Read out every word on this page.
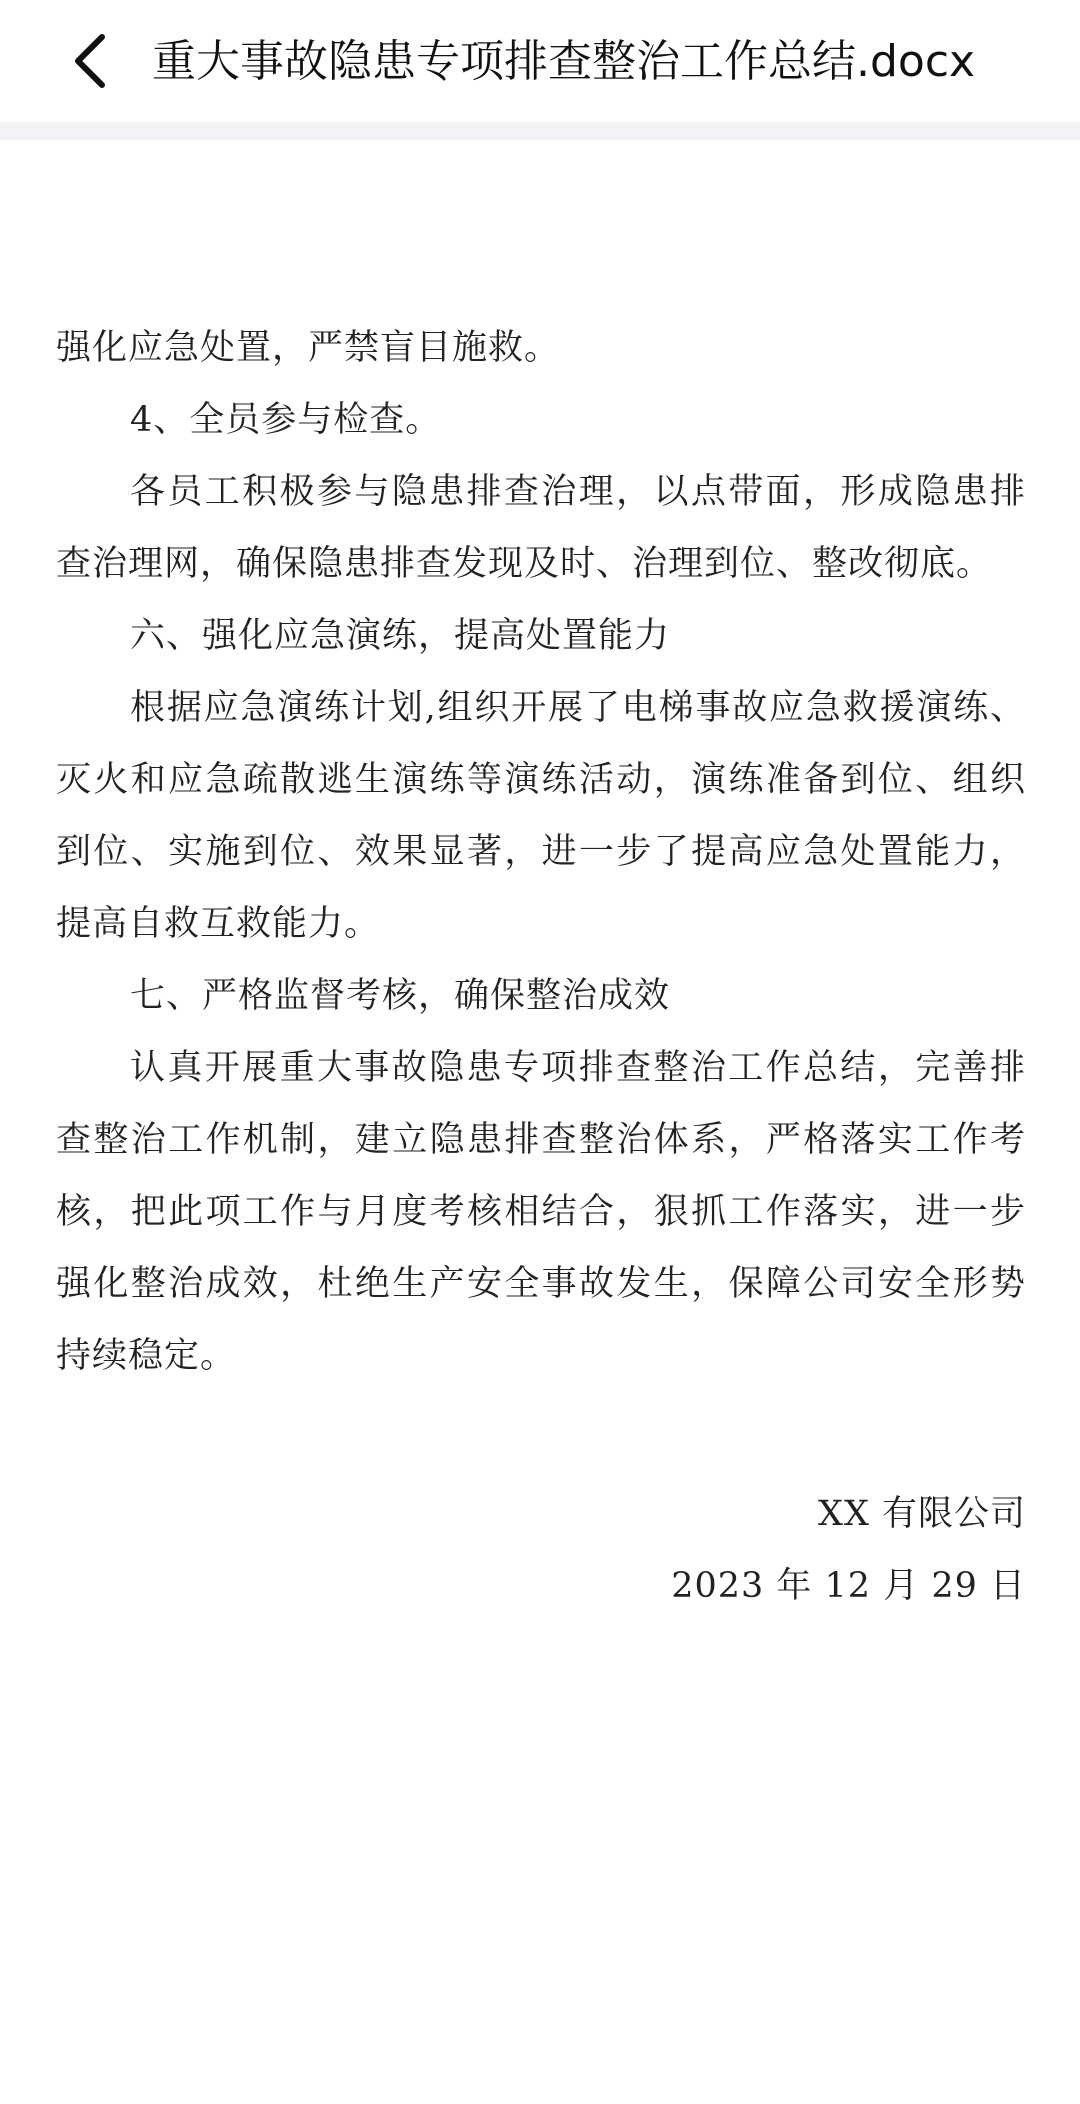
重大事故隐患专项排查整治工作总结.docx

强化应急处置，严禁盲目施救。

4、全员参与检查。

各员工积极参与隐患排查治理，以点带面，形成隐患排查治理网，确保隐患排查发现及时、治理到位、整改彻底。

六、强化应急演练，提高处置能力

根据应急演练计划,组织开展了电梯事故应急救援演练、灭火和应急疏散逃生演练等演练活动，演练准备到位、组织到位、实施到位、效果显著，进一步了提高应急处置能力，提高自救互救能力。

七、严格监督考核，确保整治成效

认真开展重大事故隐患专项排查整治工作总结，完善排查整治工作机制，建立隐患排查整治体系，严格落实工作考核，把此项工作与月度考核相结合，狠抓工作落实，进一步强化整治成效，杜绝生产安全事故发生，保障公司安全形势持续稳定。

XX 有限公司
2023 年 12 月 29 日
